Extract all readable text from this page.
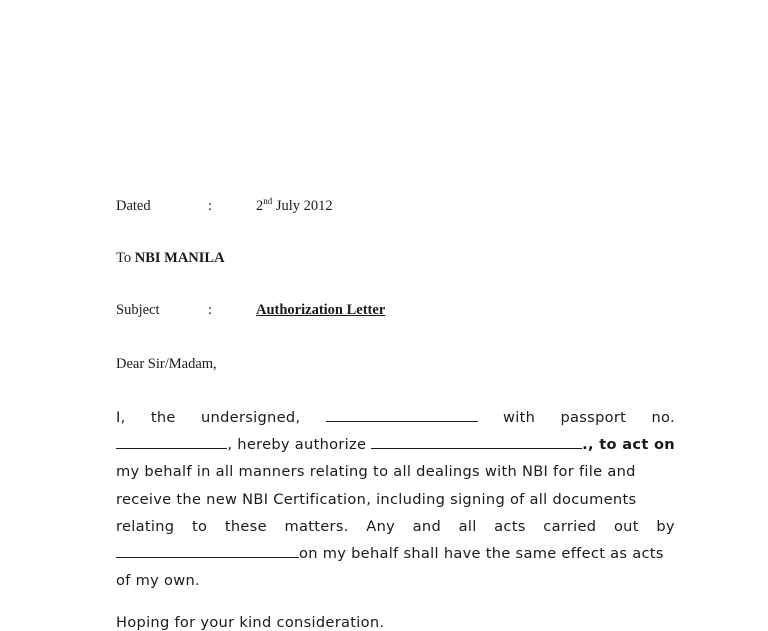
Dated	:	2nd July 2012
To NBI MANILA
Subject	:	Authorization Letter
Dear Sir/Madam,
I, the undersigned,	with passport no.
, hereby authorize
	., to act on
my behalf in all manners relating to all dealings with NBI for file and
receive the new NBI Certification, including signing of all documents
relating to these matters. Any and all acts carried out by
on my behalf shall have the same effect as acts
of my own.
Hoping for your kind consideration.
